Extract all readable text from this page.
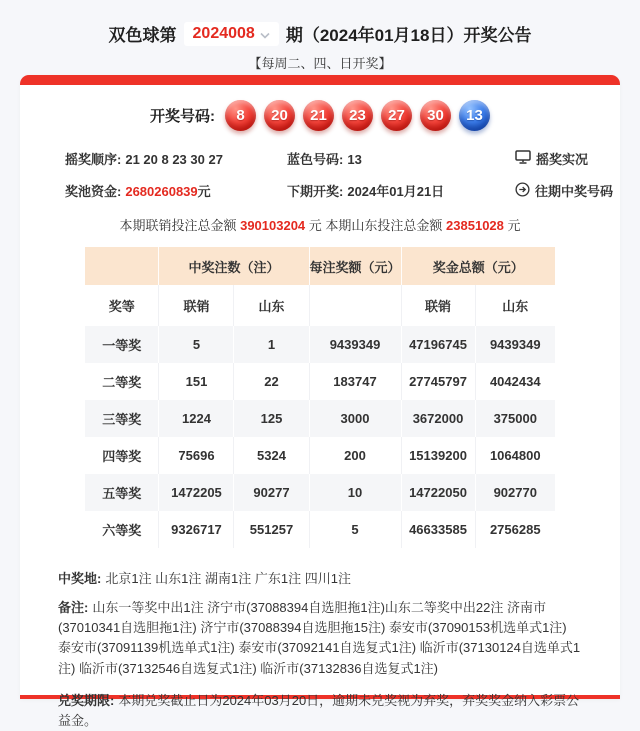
双色球第 2024008 期（2024年01月18日）开奖公告
【每周二、四、日开奖】
开奖号码:	8	20	21	23	27	30	13
摇奖顺序: 21 20 8 23 30 27	蓝色号码: 13	摇奖实况
奖池资金: 2680260839元	下期开奖: 2024年01月21日	往期中奖号码
本期联销投注总金额 390103204 元 本期山东投注总金额 23851028 元
	中奖注数（注）		每注奖额（元）	奖金总额（元）	
奖等	联销	山东		联销	山东
一等奖	5	1	9439349	47196745	9439349
二等奖	151	22	183747	27745797	4042434
三等奖	1224	125	3000	3672000	375000
四等奖	75696	5324	200	15139200	1064800
五等奖	1472205	90277	10	14722050	902770
六等奖	9326717	551257	5	46633585	2756285

中奖地: 北京1注 山东1注 湖南1注 广东1注 四川1注

备注: 山东一等奖中出1注 济宁市(37088394自选胆拖1注)山东二等奖中出22注 济南市(37010341自选胆拖1注) 济宁市(37088394自选胆拖15注) 泰安市(37090153机选单式1注) 泰安市(37091139机选单式1注) 泰安市(37092141自选复式1注) 临沂市(37130124自选单式1注) 临沂市(37132546自选复式1注) 临沂市(37132836自选复式1注)

兑奖期限: 本期兑奖截止日为2024年03月20日，逾期未兑奖视为弃奖，弃奖奖金纳入彩票公益金。
